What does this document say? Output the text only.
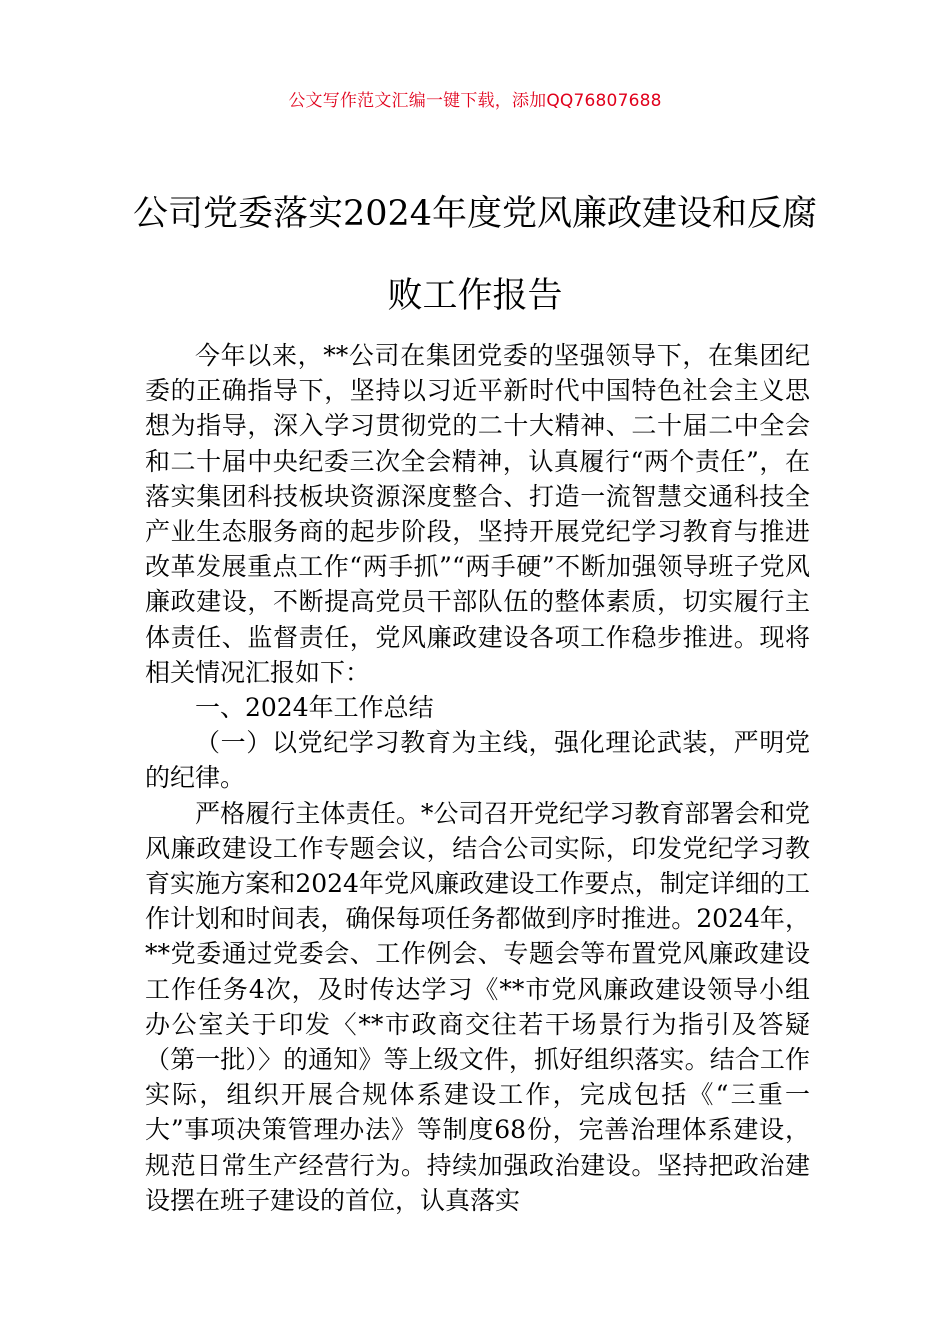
公文写作范文汇编一键下载，添加QQ76807688
公司党委落实2024年度党风廉政建设和反腐败工作报告

今年以来，**公司在集团党委的坚强领导下，在集团纪委的正确指导下，坚持以习近平新时代中国特色社会主义思想为指导，深入学习贯彻党的二十大精神、二十届二中全会和二十届中央纪委三次全会精神，认真履行“两个责任”，在落实集团科技板块资源深度整合、打造一流智慧交通科技全产业生态服务商的起步阶段，坚持开展党纪学习教育与推进改革发展重点工作“两手抓”“两手硬”不断加强领导班子党风廉政建设，不断提高党员干部队伍的整体素质，切实履行主体责任、监督责任，党风廉政建设各项工作稳步推进。现将相关情况汇报如下：

一、2024年工作总结

（一）以党纪学习教育为主线，强化理论武装，严明党的纪律。

严格履行主体责任。*公司召开党纪学习教育部署会和党风廉政建设工作专题会议，结合公司实际，印发党纪学习教育实施方案和2024年党风廉政建设工作要点，制定详细的工作计划和时间表，确保每项任务都做到序时推进。2024年，**党委通过党委会、工作例会、专题会等布置党风廉政建设工作任务4次，及时传达学习《**市党风廉政建设领导小组办公室关于印发〈**市政商交往若干场景行为指引及答疑（第一批）〉的通知》等上级文件，抓好组织落实。结合工作实际，组织开展合规体系建设工作，完成包括《“三重一大”事项决策管理办法》等制度68份，完善治理体系建设，规范日常生产经营行为。持续加强政治建设。坚持把政治建设摆在班子建设的首位，认真落实
